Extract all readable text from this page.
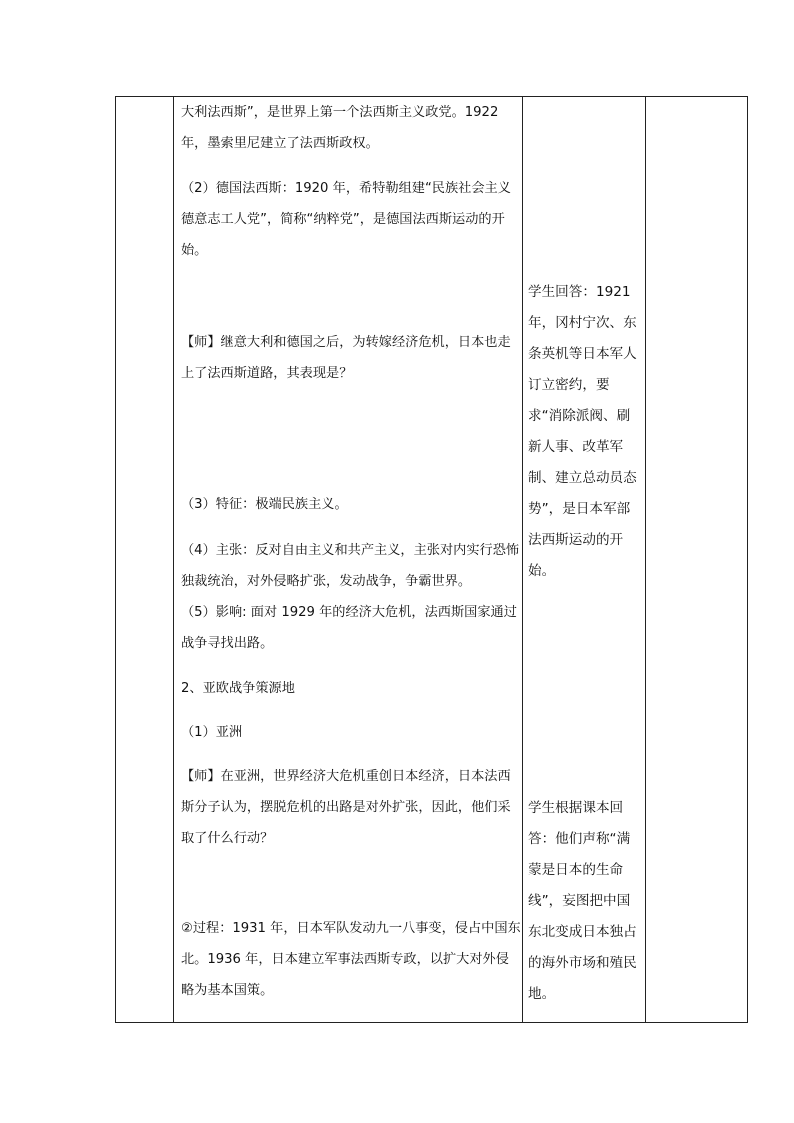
大利法西斯”，是世界上第一个法西斯主义政党。1922年，墨索里尼建立了法西斯政权。

（2）德国法西斯：1920 年，希特勒组建“民族社会主义德意志工人党”，简称“纳粹党”，是德国法西斯运动的开始。

【师】继意大利和德国之后，为转嫁经济危机，日本也走上了法西斯道路，其表现是？

（3）特征：极端民族主义。

（4）主张：反对自由主义和共产主义，主张对内实行恐怖独裁统治，对外侵略扩张，发动战争，争霸世界。

（5）影响: 面对 1929 年的经济大危机，法西斯国家通过战争寻找出路。

2、亚欧战争策源地

（1）亚洲

【师】在亚洲，世界经济大危机重创日本经济，日本法西斯分子认为，摆脱危机的出路是对外扩张，因此，他们采取了什么行动？

②过程：1931 年，日本军队发动九一八事变，侵占中国东北。1936 年，日本建立军事法西斯专政，以扩大对外侵略为基本国策。

学生回答：1921年，冈村宁次、东条英机等日本军人订立密约，要求“消除派阀、刷新人事、改革军制、建立总动员态势”，是日本军部法西斯运动的开始。

学生根据课本回答：他们声称“满蒙是日本的生命线”，妄图把中国东北变成日本独占的海外市场和殖民地。
